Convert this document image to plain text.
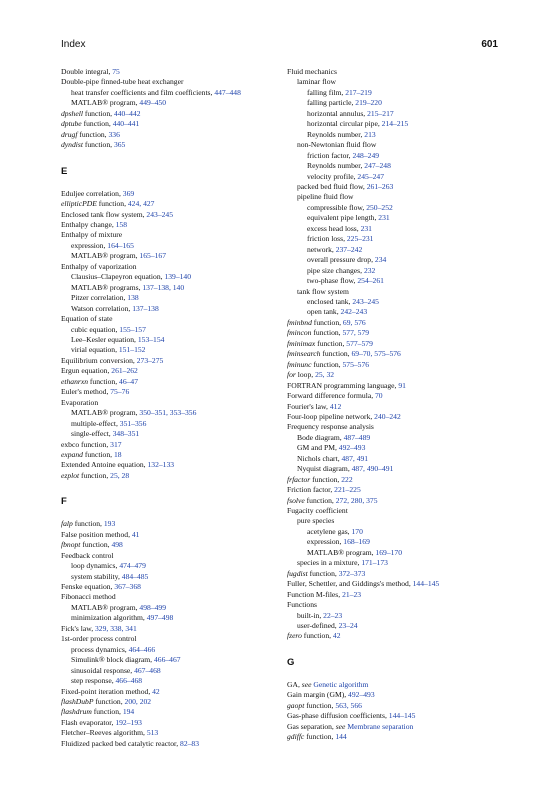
Index	601
Double integral, 75
Double-pipe finned-tube heat exchanger
heat transfer coefficients and film coefficients, 447–448
MATLAB® program, 449–450
dpshell function, 440–442
dptube function, 440–441
drugf function, 336
dyndist function, 365
E
Eduljee correlation, 369
ellipticPDE function, 424, 427
Enclosed tank flow system, 243–245
Enthalpy change, 158
Enthalpy of mixture
expression, 164–165
MATLAB® program, 165–167
Enthalpy of vaporization
Clausius–Clapeyron equation, 139–140
MATLAB® programs, 137–138, 140
Pitzer correlation, 138
Watson correlation, 137–138
Equation of state
cubic equation, 155–157
Lee–Kesler equation, 153–154
virial equation, 151–152
Equilibrium conversion, 273–275
Ergun equation, 261–262
ethanrxn function, 46–47
Euler's method, 75–76
Evaporation
MATLAB® program, 350–351, 353–356
multiple-effect, 351–356
single-effect, 348–351
exbco function, 317
expand function, 18
Extended Antoine equation, 132–133
ezplot function, 25, 28
F
falp function, 193
False position method, 41
fbnopt function, 498
Feedback control
loop dynamics, 474–479
system stability, 484–485
Fenske equation, 367–368
Fibonacci method
MATLAB® program, 498–499
minimization algorithm, 497–498
Fick's law, 329, 338, 341
1st-order process control
process dynamics, 464–466
Simulink® block diagram, 466–467
sinusoidal response, 467–468
step response, 466–468
Fixed-point iteration method, 42
flashDubP function, 200, 202
flashdrum function, 194
Flash evaporator, 192–193
Fletcher–Reeves algorithm, 513
Fluidized packed bed catalytic reactor, 82–83
Fluid mechanics
laminar flow
falling film, 217–219
falling particle, 219–220
horizontal annulus, 215–217
horizontal circular pipe, 214–215
Reynolds number, 213
non-Newtonian fluid flow
friction factor, 248–249
Reynolds number, 247–248
velocity profile, 245–247
packed bed fluid flow, 261–263
pipeline fluid flow
compressible flow, 250–252
equivalent pipe length, 231
excess head loss, 231
friction loss, 225–231
network, 237–242
overall pressure drop, 234
pipe size changes, 232
two-phase flow, 254–261
tank flow system
enclosed tank, 243–245
open tank, 242–243
fminbnd function, 69, 576
fmincon function, 577, 579
fminimax function, 577–579
fminsearch function, 69–70, 575–576
fminunc function, 575–576
for loop, 25, 32
FORTRAN programming language, 91
Forward difference formula, 70
Fourier's law, 412
Four-loop pipeline network, 240–242
Frequency response analysis
Bode diagram, 487–489
GM and PM, 492–493
Nichols chart, 487, 491
Nyquist diagram, 487, 490–491
frfactor function, 222
Friction factor, 221–225
fsolve function, 272, 280, 375
Fugacity coefficient
pure species
acetylene gas, 170
expression, 168–169
MATLAB® program, 169–170
species in a mixture, 171–173
fugdist function, 372–373
Fuller, Schettler, and Giddings's method, 144–145
Function M-files, 21–23
Functions
built-in, 22–23
user-defined, 23–24
fzero function, 42
G
GA, see Genetic algorithm
Gain margin (GM), 492–493
gaopt function, 563, 566
Gas-phase diffusion coefficients, 144–145
Gas separation, see Membrane separation
gdiffc function, 144
